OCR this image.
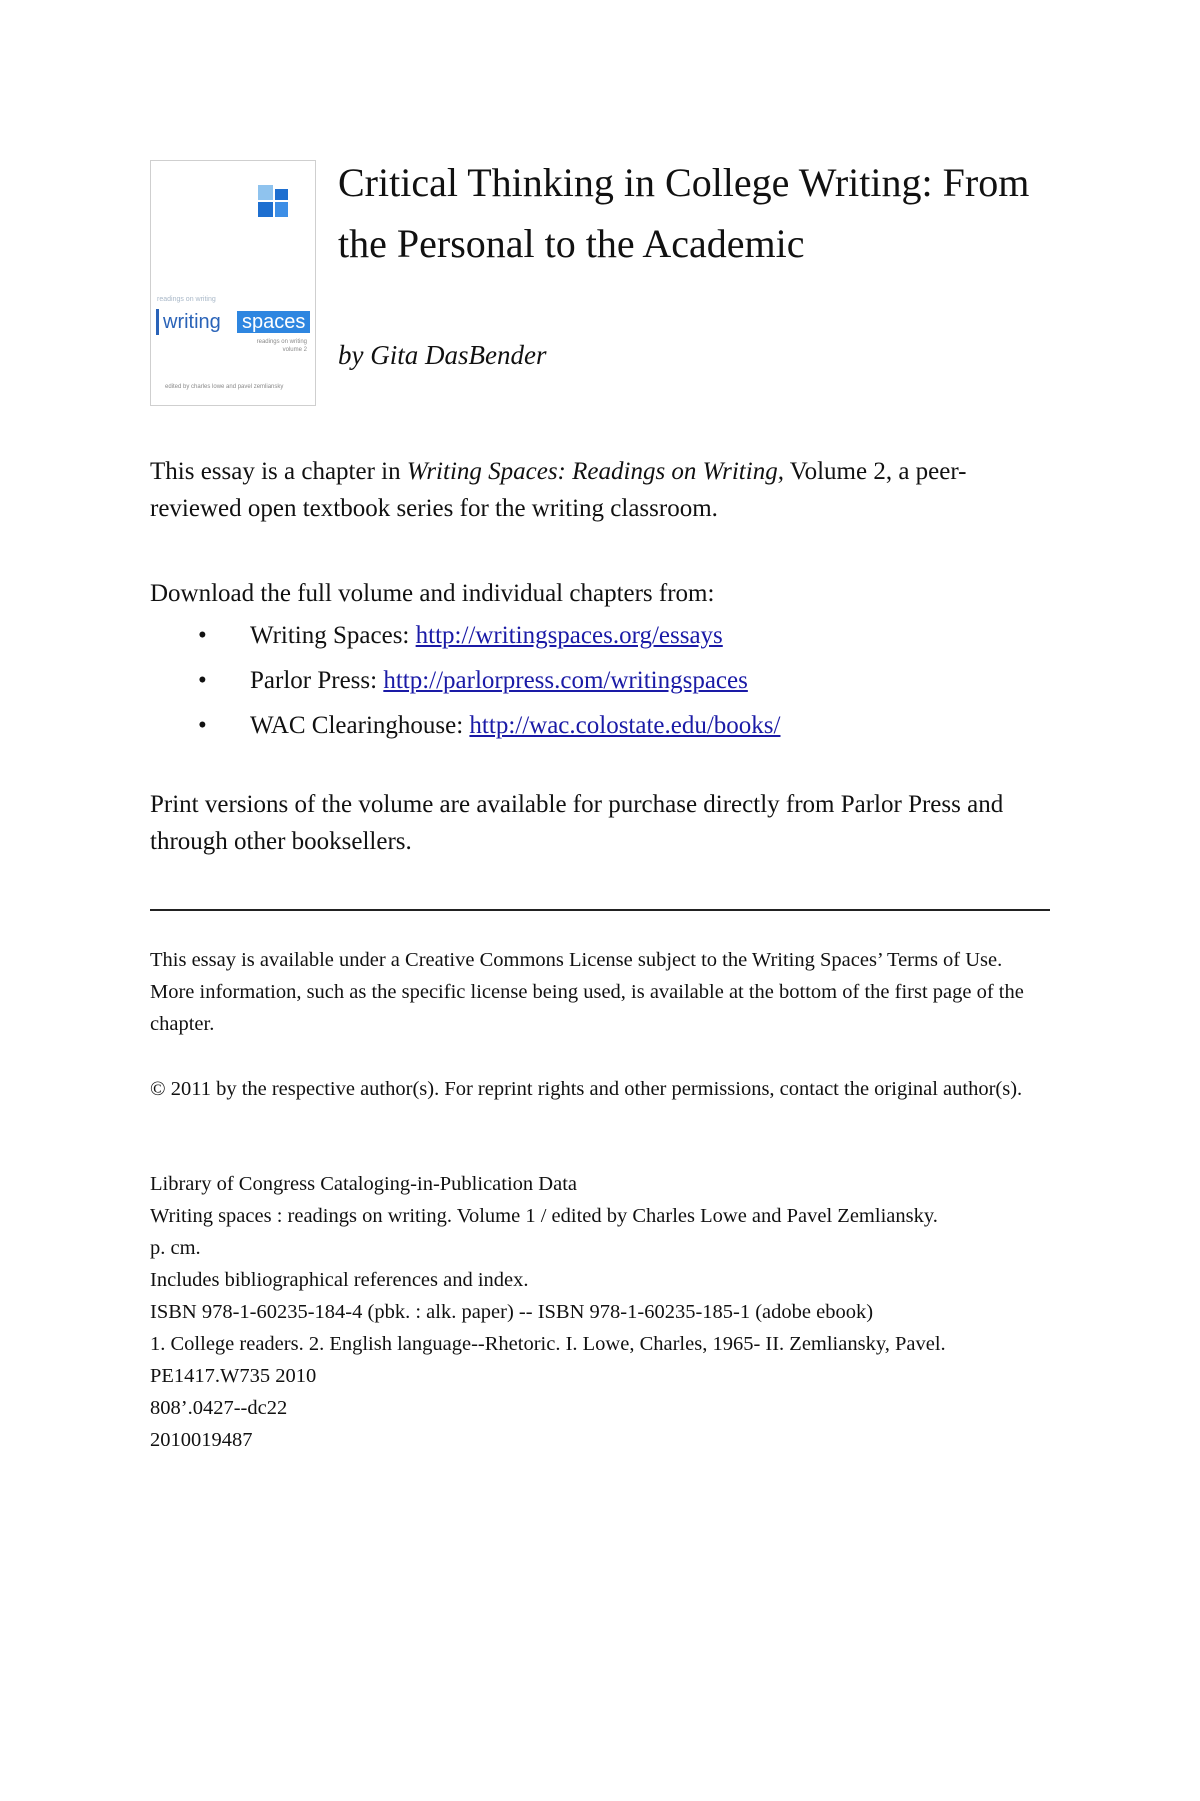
readings on writing
writing spaces
readings on writing
volume 2
edited by charles lowe and pavel zemliansky
Critical Thinking in College Writing: From the Personal to the Academic
by Gita DasBender

This essay is a chapter in Writing Spaces: Readings on Writing, Volume 2, a peer-reviewed open textbook series for the writing classroom.

Download the full volume and individual chapters from:

• Writing Spaces: http://writingspaces.org/essays
• Parlor Press: http://parlorpress.com/writingspaces
• WAC Clearinghouse: http://wac.colostate.edu/books/

Print versions of the volume are available for purchase directly from Parlor Press and through other booksellers.

This essay is available under a Creative Commons License subject to the Writing Spaces’ Terms of Use. More information, such as the specific license being used, is available at the bottom of the first page of the chapter.

© 2011 by the respective author(s). For reprint rights and other permissions, contact the original author(s).

Library of Congress Cataloging-in-Publication Data
Writing spaces : readings on writing. Volume 1 / edited by Charles Lowe and Pavel Zemliansky.
p. cm.
Includes bibliographical references and index.
ISBN 978-1-60235-184-4 (pbk. : alk. paper) -- ISBN 978-1-60235-185-1 (adobe ebook)
1. College readers. 2. English language--Rhetoric. I. Lowe, Charles, 1965- II. Zemliansky, Pavel.
PE1417.W735 2010
808’.0427--dc22
2010019487
